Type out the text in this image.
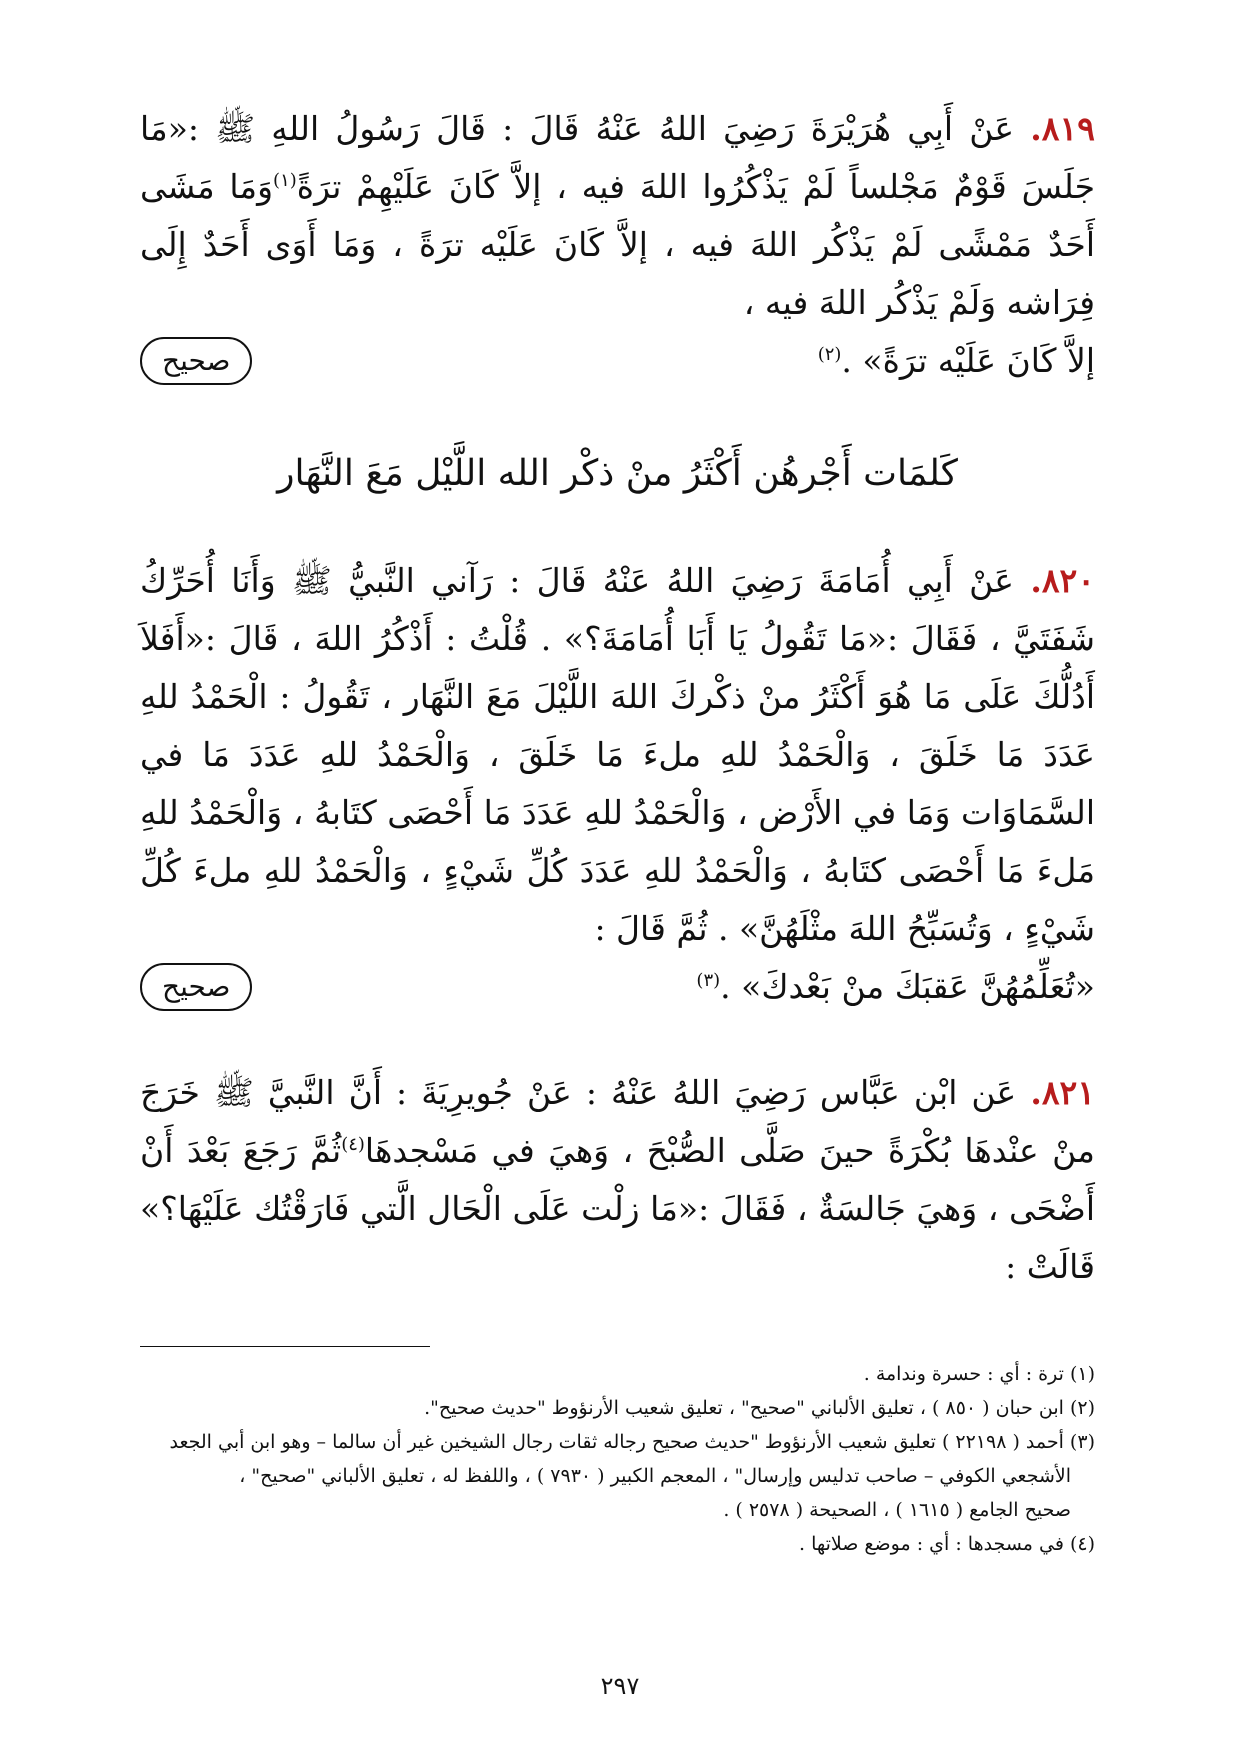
٨١٩. عَنْ أَبِي هُرَيْرَةَ رَضِيَ اللهُ عَنْهُ قَالَ : قَالَ رَسُولُ اللهِ ﷺ :«مَا جَلَسَ قَوْمٌ مَجْلساً لَمْ يَذْكُرُوا اللهَ فيه ، إلاَّ كَانَ عَلَيْهِمْ ترَةً$^{(١)}$وَمَا مَشَى أَحَدٌ مَمْشًى لَمْ يَذْكُر اللهَ فيه ، إلاَّ كَانَ عَلَيْه ترَةً ، وَمَا أَوَى أَحَدٌ إِلَى فِرَاشه وَلَمْ يَذْكُر اللهَ فيه ،

إلاَّ كَانَ عَلَيْه ترَةً» .$^{(٢)}$
صحيح
كَلمَات أَجْرهُن أَكْثَرُ منْ ذكْر الله اللَّيْل مَعَ النَّهَار

٨٢٠. عَنْ أَبِي أُمَامَةَ رَضِيَ اللهُ عَنْهُ قَالَ : رَآني النَّبيُّ ﷺ وَأَنَا أُحَرِّكُ شَفَتَيَّ ، فَقَالَ :«مَا تَقُولُ يَا أَبَا أُمَامَةَ؟» . قُلْتُ : أَذْكُرُ اللهَ ، قَالَ :«أَفَلاَ أَدُلُّكَ عَلَى مَا هُوَ أَكْثَرُ منْ ذكْركَ اللهَ اللَّيْلَ مَعَ النَّهَار ، تَقُولُ : الْحَمْدُ للهِ عَدَدَ مَا خَلَقَ ، وَالْحَمْدُ للهِ ملءَ مَا خَلَقَ ، وَالْحَمْدُ للهِ عَدَدَ مَا في السَّمَاوَات وَمَا في الأَرْض ، وَالْحَمْدُ للهِ عَدَدَ مَا أَحْصَى كتَابهُ ، وَالْحَمْدُ للهِ مَلءَ مَا أَحْصَى كتَابهُ ، وَالْحَمْدُ للهِ عَدَدَ كُلِّ شَيْءٍ ، وَالْحَمْدُ للهِ ملءَ كُلِّ شَيْءٍ ، وَتُسَبِّحُ اللهَ مثْلَهُنَّ» . ثُمَّ قَالَ :

«تُعَلِّمُهُنَّ عَقبَكَ منْ بَعْدكَ» .$^{(٣)}$
صحيح

٨٢١. عَن ابْن عَبَّاس رَضِيَ اللهُ عَنْهُ : عَنْ جُويرِيَةَ : أَنَّ النَّبيَّ ﷺ خَرَجَ منْ عنْدهَا بُكْرَةً حينَ صَلَّى الصُّبْحَ ، وَهيَ في مَسْجدهَا$^{(٤)}$ثُمَّ رَجَعَ بَعْدَ أَنْ أَضْحَى ، وَهيَ جَالسَةٌ ، فَقَالَ :«مَا زلْت عَلَى الْحَال الَّتي فَارَقْتُك عَلَيْهَا؟» قَالَتْ :

(١) ترة : أي : حسرة وندامة .

(٢) ابن حبان ( ٨٥٠ ) ، تعليق الألباني "صحيح" ، تعليق شعيب الأرنؤوط "حديث صحيح".

(٣) أحمد ( ٢٢١٩٨ ) تعليق شعيب الأرنؤوط "حديث صحيح رجاله ثقات رجال الشيخين غير أن سالما – وهو ابن أبي الجعد

الأشجعي الكوفي – صاحب تدليس وإرسال" ، المعجم الكبير ( ٧٩٣٠ ) ، واللفظ له ، تعليق الألباني "صحيح" ،

صحيح الجامع ( ١٦١٥ ) ، الصحيحة ( ٢٥٧٨ ) .

(٤) في مسجدها : أي : موضع صلاتها .

٢٩٧
